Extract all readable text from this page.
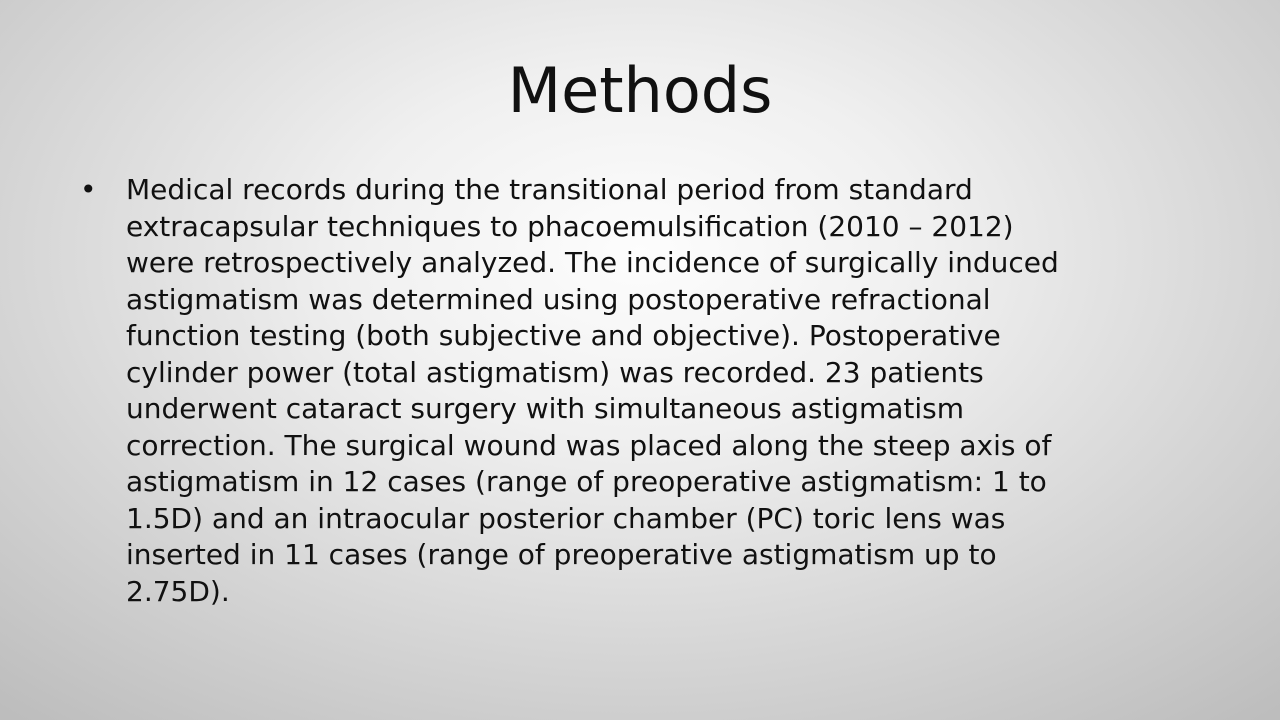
Methods
• Medical records during the transitional period from standard
extracapsular techniques to phacoemulsification (2010 – 2012)
were retrospectively analyzed. The incidence of surgically induced
astigmatism was determined using postoperative refractional
function testing (both subjective and objective). Postoperative
cylinder power (total astigmatism) was recorded. 23 patients
underwent cataract surgery with simultaneous astigmatism
correction. The surgical wound was placed along the steep axis of
astigmatism in 12 cases (range of preoperative astigmatism: 1 to
1.5D) and an intraocular posterior chamber (PC) toric lens was
inserted in 11 cases (range of preoperative astigmatism up to
2.75D).
